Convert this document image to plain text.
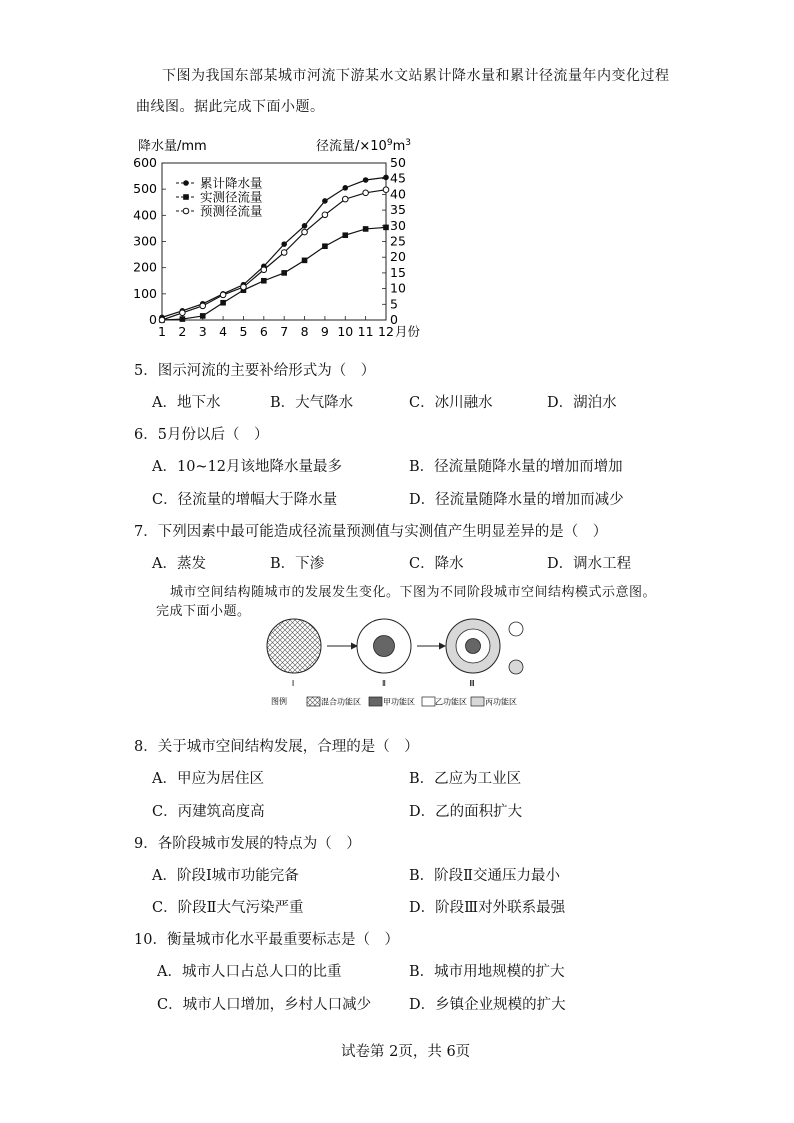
下图为我国东部某城市河流下游某水文站累计降水量和累计径流量年内变化过程
曲线图。据此完成下面小题。
0
100
200
300
400
500
600
0
5
10
15
20
25
30
35
40
45
50
1 2 3 4 5 6 7 8 9 10 11 12 月份
累计降水量
实测径流量
预测径流量
降水量/mm	径流量$/\times 10^9m^3$
5．图示河流的主要补给形式为（　）
A．地下水	B．大气降水	C．冰川融水	D．湖泊水
6．5月份以后（　）
A．10~12月该地降水量最多	B．径流量随降水量的增加而增加
C．径流量的增幅大于降水量	D．径流量随降水量的增加而减少
7．下列因素中最可能造成径流量预测值与实测值产生明显差异的是（　）
A．蒸发	B．下渗	C．降水	D．调水工程
城市空间结构随城市的发展发生变化。下图为不同阶段城市空间结构模式示意图。
完成下面小题。
Ⅰ	Ⅱ	Ⅲ
图例	混合功能区	甲功能区	乙功能区 丙功能区
8．关于城市空间结构发展，合理的是（　）
A．甲应为居住区	B．乙应为工业区
C．丙建筑高度高	D．乙的面积扩大
9．各阶段城市发展的特点为（　）
A．阶段Ⅰ城市功能完备	B．阶段Ⅱ交通压力最小
C．阶段Ⅱ大气污染严重	D．阶段Ⅲ对外联系最强
10．衡量城市化水平最重要标志是（　）
A．城市人口占总人口的比重	B．城市用地规模的扩大
C．城市人口增加，乡村人口减少	D．乡镇企业规模的扩大
试卷第 2页，共 6页
